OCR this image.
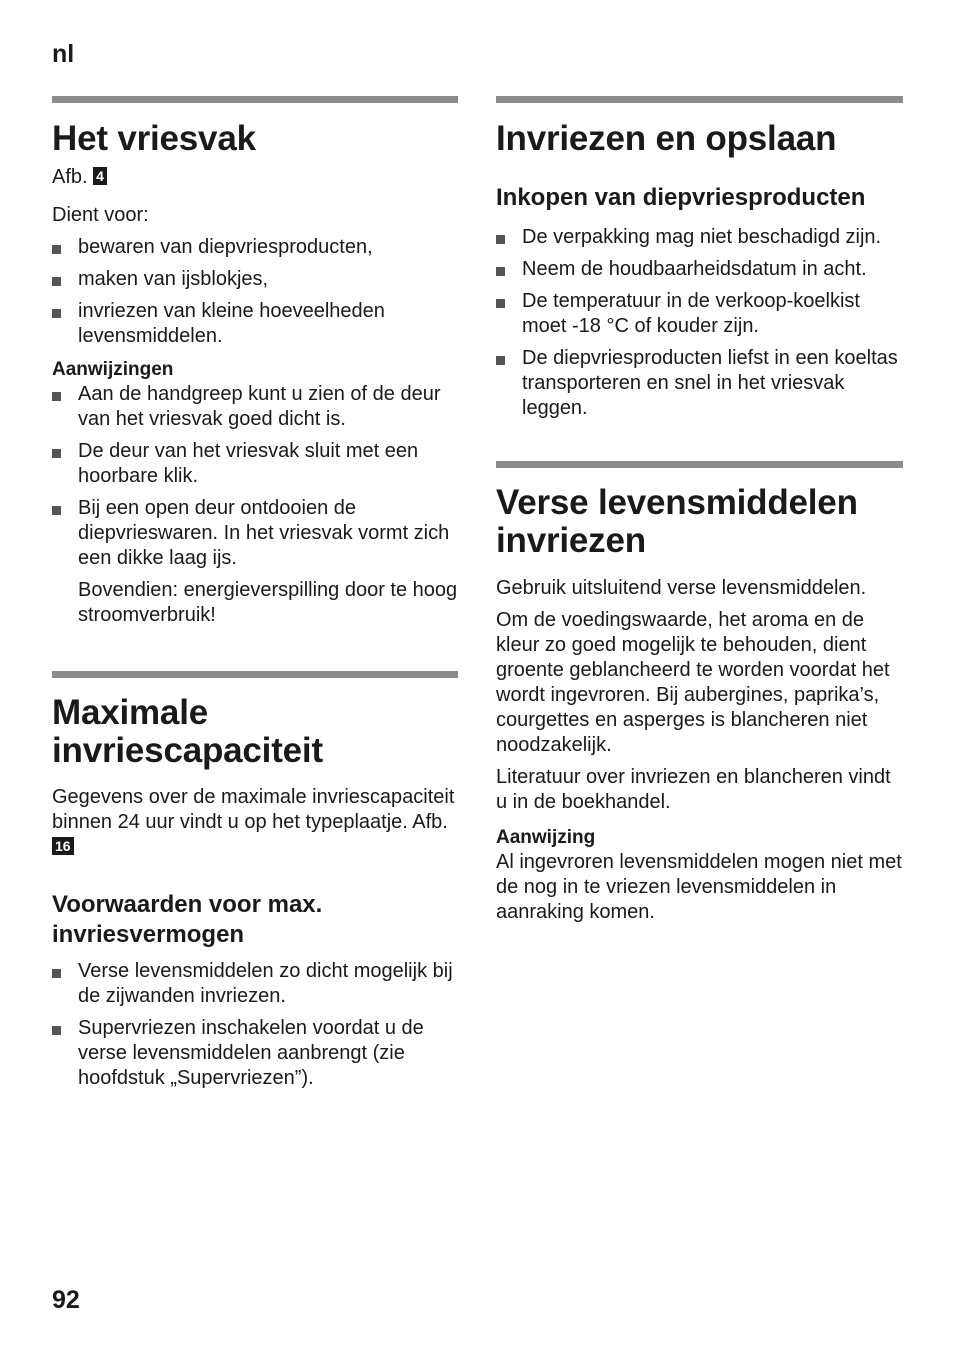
nl
Het vriesvak

Afb. 4

Dient voor:

bewaren van diepvriesproducten,
maken van ijsblokjes,
invriezen van kleine hoeveelheden levensmiddelen.
Aanwijzingen
Aan de handgreep kunt u zien of de deur van het vriesvak goed dicht is.
De deur van het vriesvak sluit met een hoorbare klik.
Bij een open deur ontdooien de diepvrieswaren. In het vriesvak vormt zich een dikke laag ijs.

Bovendien: energieverspilling door te hoog stroomverbruik!

Maximale invriescapaciteit

Gegevens over de maximale invriescapaciteit binnen 24 uur vindt u op het typeplaatje. Afb. 16

Voorwaarden voor max. invriesvermogen
Verse levensmiddelen zo dicht mogelijk bij de zijwanden invriezen.
Supervriezen inschakelen voordat u de verse levensmiddelen aanbrengt (zie hoofdstuk „Supervriezen”).
Invriezen en opslaan
Inkopen van diepvriesproducten
De verpakking mag niet beschadigd zijn.
Neem de houdbaarheidsdatum in acht.
De temperatuur in de verkoop-koelkist moet -18 °C of kouder zijn.
De diepvriesproducten liefst in een koeltas transporteren en snel in het vriesvak leggen.
Verse levensmiddelen invriezen

Gebruik uitsluitend verse levensmiddelen.

Om de voedingswaarde, het aroma en de kleur zo goed mogelijk te behouden, dient groente geblancheerd te worden voordat het wordt ingevroren. Bij aubergines, paprika’s, courgettes en asperges is blancheren niet noodzakelijk.

Literatuur over invriezen en blancheren vindt u in de boekhandel.

Aanwijzing

Al ingevroren levensmiddelen mogen niet met de nog in te vriezen levensmiddelen in aanraking komen.

92
